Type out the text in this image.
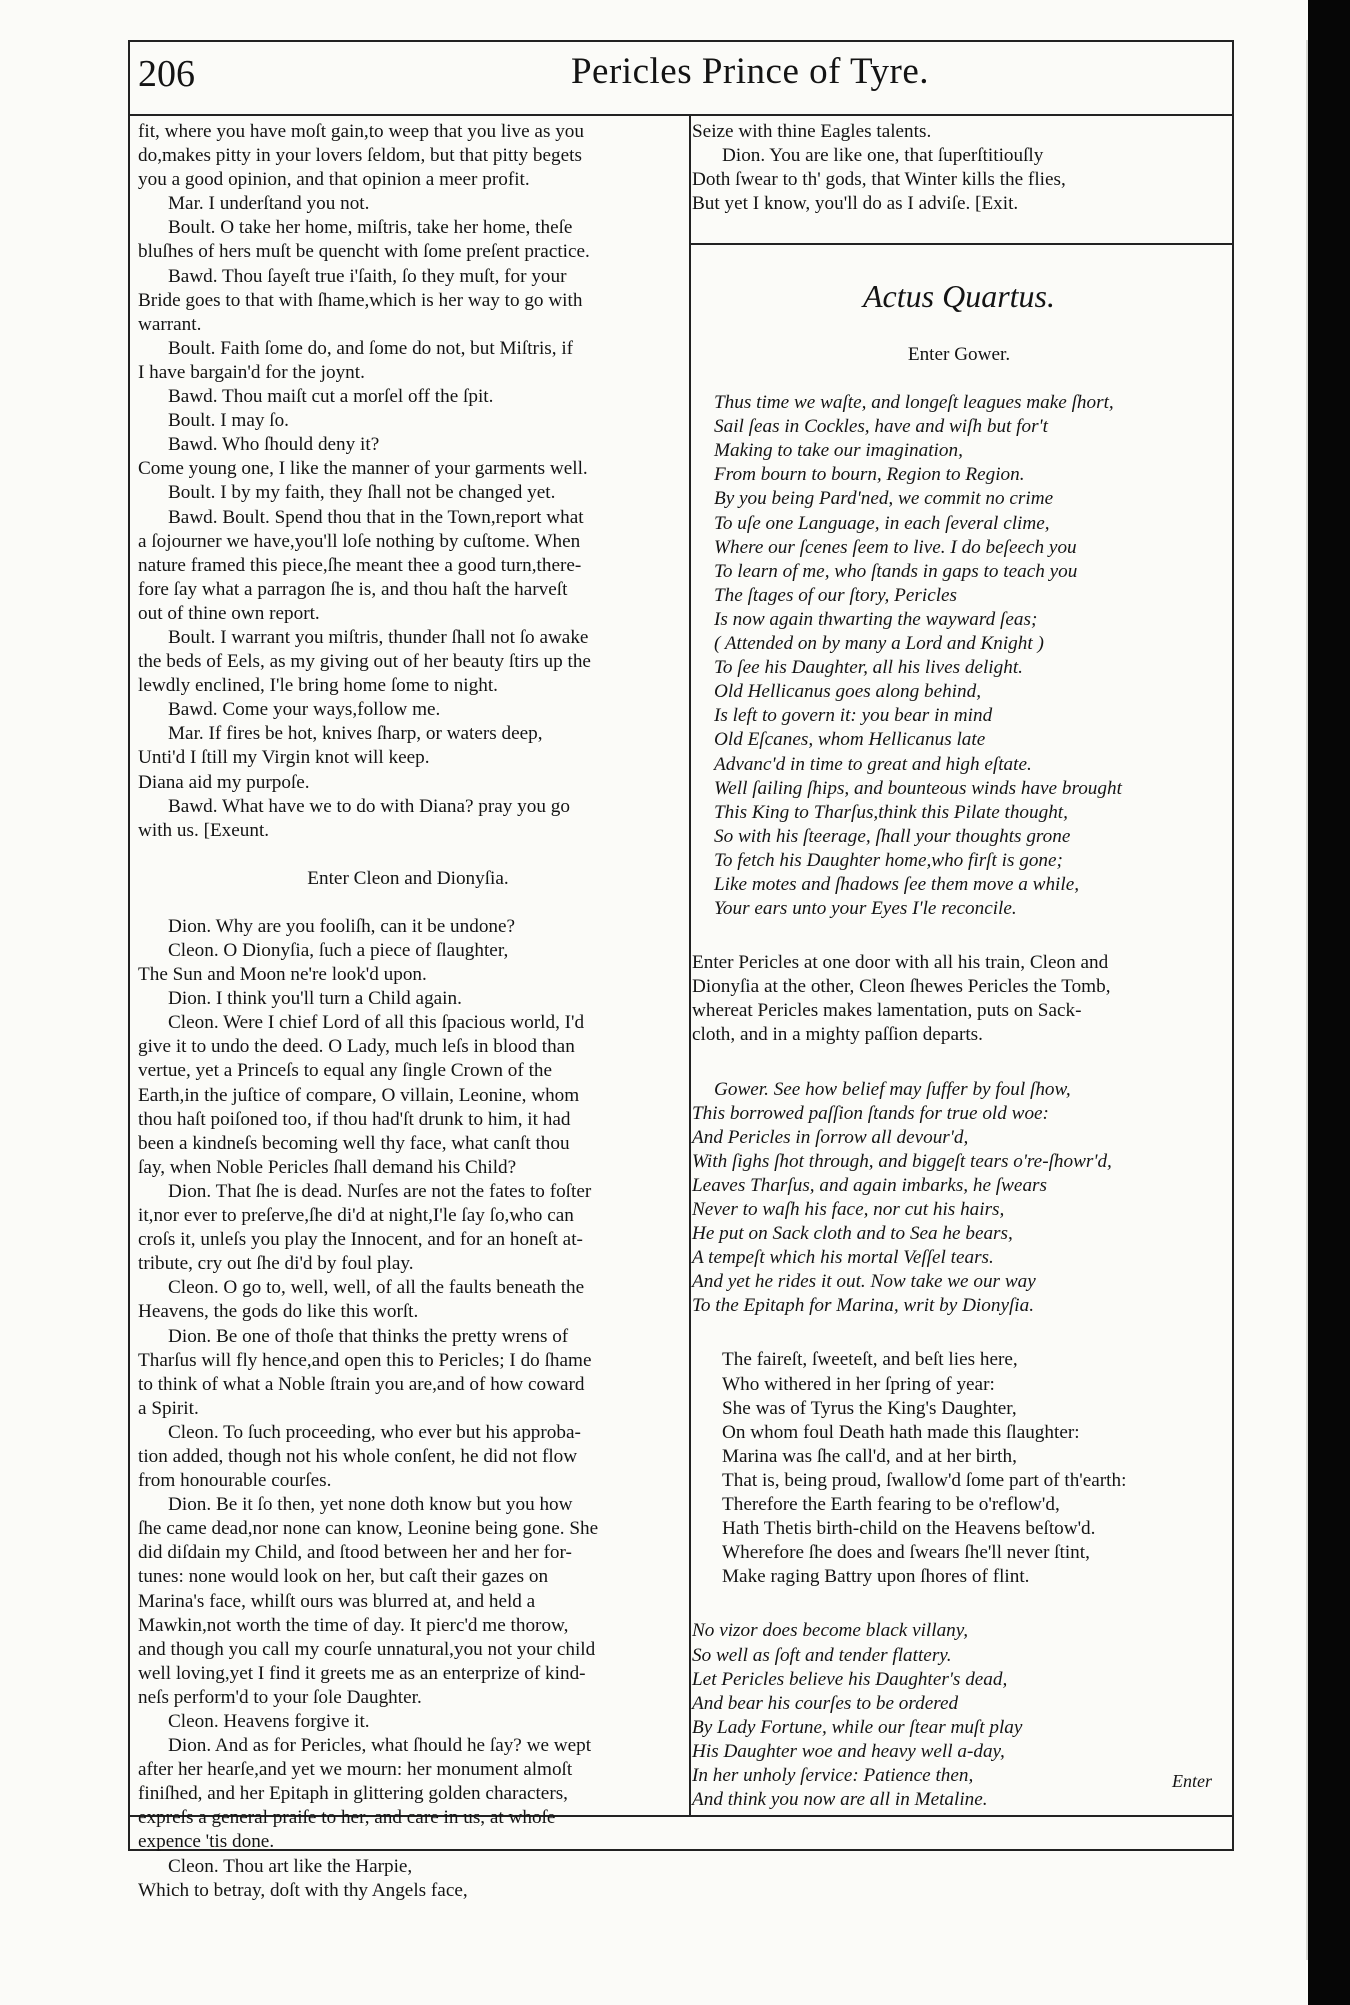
206	Pericles Prince of Tyre.

fit, where you have moſt gain,to weep that you live as you

do,makes pitty in your lovers ſeldom, but that pitty begets

you a good opinion, and that opinion a meer profit.

Mar. I underſtand you not.

Boult. O take her home, miſtris, take her home, theſe

bluſhes of hers muſt be quencht with ſome preſent practice.

Bawd. Thou ſayeſt true i'ſaith, ſo they muſt, for your

Bride goes to that with ſhame,which is her way to go with

warrant.

Boult. Faith ſome do, and ſome do not, but Miſtris, if

I have bargain'd for the joynt.

Bawd. Thou maiſt cut a morſel off the ſpit.

Boult. I may ſo.

Bawd. Who ſhould deny it?

Come young one, I like the manner of your garments well.

Boult. I by my faith, they ſhall not be changed yet.

Bawd. Boult. Spend thou that in the Town,report what

a ſojourner we have,you'll loſe nothing by cuſtome. When

nature framed this piece,ſhe meant thee a good turn,there-

fore ſay what a parragon ſhe is, and thou haſt the harveſt

out of thine own report.

Boult. I warrant you miſtris, thunder ſhall not ſo awake

the beds of Eels, as my giving out of her beauty ſtirs up the

lewdly enclined, I'le bring home ſome to night.

Bawd. Come your ways,follow me.

Mar. If fires be hot, knives ſharp, or waters deep,

Unti'd I ſtill my Virgin knot will keep.

Diana aid my purpoſe.

Bawd. What have we to do with Diana? pray you go

with us. [Exeunt.

Enter Cleon and Dionyſia.

Dion. Why are you fooliſh, can it be undone?

Cleon. O Dionyſia, ſuch a piece of ſlaughter,

The Sun and Moon ne're look'd upon.

Dion. I think you'll turn a Child again.

Cleon. Were I chief Lord of all this ſpacious world, I'd

give it to undo the deed. O Lady, much leſs in blood than

vertue, yet a Princeſs to equal any ſingle Crown of the

Earth,in the juſtice of compare, O villain, Leonine, whom

thou haſt poiſoned too, if thou had'ſt drunk to him, it had

been a kindneſs becoming well thy face, what canſt thou

ſay, when Noble Pericles ſhall demand his Child?

Dion. That ſhe is dead. Nurſes are not the fates to foſter

it,nor ever to preſerve,ſhe di'd at night,I'le ſay ſo,who can

croſs it, unleſs you play the Innocent, and for an honeſt at-

tribute, cry out ſhe di'd by foul play.

Cleon. O go to, well, well, of all the faults beneath the

Heavens, the gods do like this worſt.

Dion. Be one of thoſe that thinks the pretty wrens of

Tharſus will fly hence,and open this to Pericles; I do ſhame

to think of what a Noble ſtrain you are,and of how coward

a Spirit.

Cleon. To ſuch proceeding, who ever but his approba-

tion added, though not his whole conſent, he did not flow

from honourable courſes.

Dion. Be it ſo then, yet none doth know but you how

ſhe came dead,nor none can know, Leonine being gone. She

did diſdain my Child, and ſtood between her and her for-

tunes: none would look on her, but caſt their gazes on

Marina's face, whilſt ours was blurred at, and held a

Mawkin,not worth the time of day. It pierc'd me thorow,

and though you call my courſe unnatural,you not your child

well loving,yet I find it greets me as an enterprize of kind-

neſs perform'd to your ſole Daughter.

Cleon. Heavens forgive it.

Dion. And as for Pericles, what ſhould he ſay? we wept

after her hearſe,and yet we mourn: her monument almoſt

finiſhed, and her Epitaph in glittering golden characters,

expreſs a general praiſe to her, and care in us, at whoſe

expence 'tis done.

Cleon. Thou art like the Harpie,

Which to betray, doſt with thy Angels face,

Seize with thine Eagles talents.

Dion. You are like one, that ſuperſtitiouſly

Doth ſwear to th' gods, that Winter kills the flies,

But yet I know, you'll do as I adviſe. [Exit.

Actus Quartus.

Enter Gower.

Thus time we waſte, and longeſt leagues make ſhort,

Sail ſeas in Cockles, have and wiſh but for't

Making to take our imagination,

From bourn to bourn, Region to Region.

By you being Pard'ned, we commit no crime

To uſe one Language, in each ſeveral clime,

Where our ſcenes ſeem to live. I do beſeech you

To learn of me, who ſtands in gaps to teach you

The ſtages of our ſtory, Pericles

Is now again thwarting the wayward ſeas;

( Attended on by many a Lord and Knight )

To ſee his Daughter, all his lives delight.

Old Hellicanus goes along behind,

Is left to govern it: you bear in mind

Old Eſcanes, whom Hellicanus late

Advanc'd in time to great and high eſtate.

Well ſailing ſhips, and bounteous winds have brought

This King to Tharſus,think this Pilate thought,

So with his ſteerage, ſhall your thoughts grone

To fetch his Daughter home,who firſt is gone;

Like motes and ſhadows ſee them move a while,

Your ears unto your Eyes I'le reconcile.

Enter Pericles at one door with all his train, Cleon and

Dionyſia at the other, Cleon ſhewes Pericles the Tomb,

whereat Pericles makes lamentation, puts on Sack-

cloth, and in a mighty paſſion departs.

Gower. See how belief may ſuffer by foul ſhow,

This borrowed paſſion ſtands for true old woe:

And Pericles in ſorrow all devour'd,

With ſighs ſhot through, and biggeſt tears o're-ſhowr'd,

Leaves Tharſus, and again imbarks, he ſwears

Never to waſh his face, nor cut his hairs,

He put on Sack cloth and to Sea he bears,

A tempeſt which his mortal Veſſel tears.

And yet he rides it out. Now take we our way

To the Epitaph for Marina, writ by Dionyſia.

The faireſt, ſweeteſt, and beſt lies here,

Who withered in her ſpring of year:

She was of Tyrus the King's Daughter,

On whom foul Death hath made this ſlaughter:

Marina was ſhe call'd, and at her birth,

That is, being proud, ſwallow'd ſome part of th'earth:

Therefore the Earth fearing to be o'reflow'd,

Hath Thetis birth-child on the Heavens beſtow'd.

Wherefore ſhe does and ſwears ſhe'll never ſtint,

Make raging Battry upon ſhores of flint.

No vizor does become black villany,

So well as ſoft and tender flattery.

Let Pericles believe his Daughter's dead,

And bear his courſes to be ordered

By Lady Fortune, while our ſtear muſt play

His Daughter woe and heavy well a-day,

In her unholy ſervice: Patience then,

And think you now are all in Metaline.

Enter
